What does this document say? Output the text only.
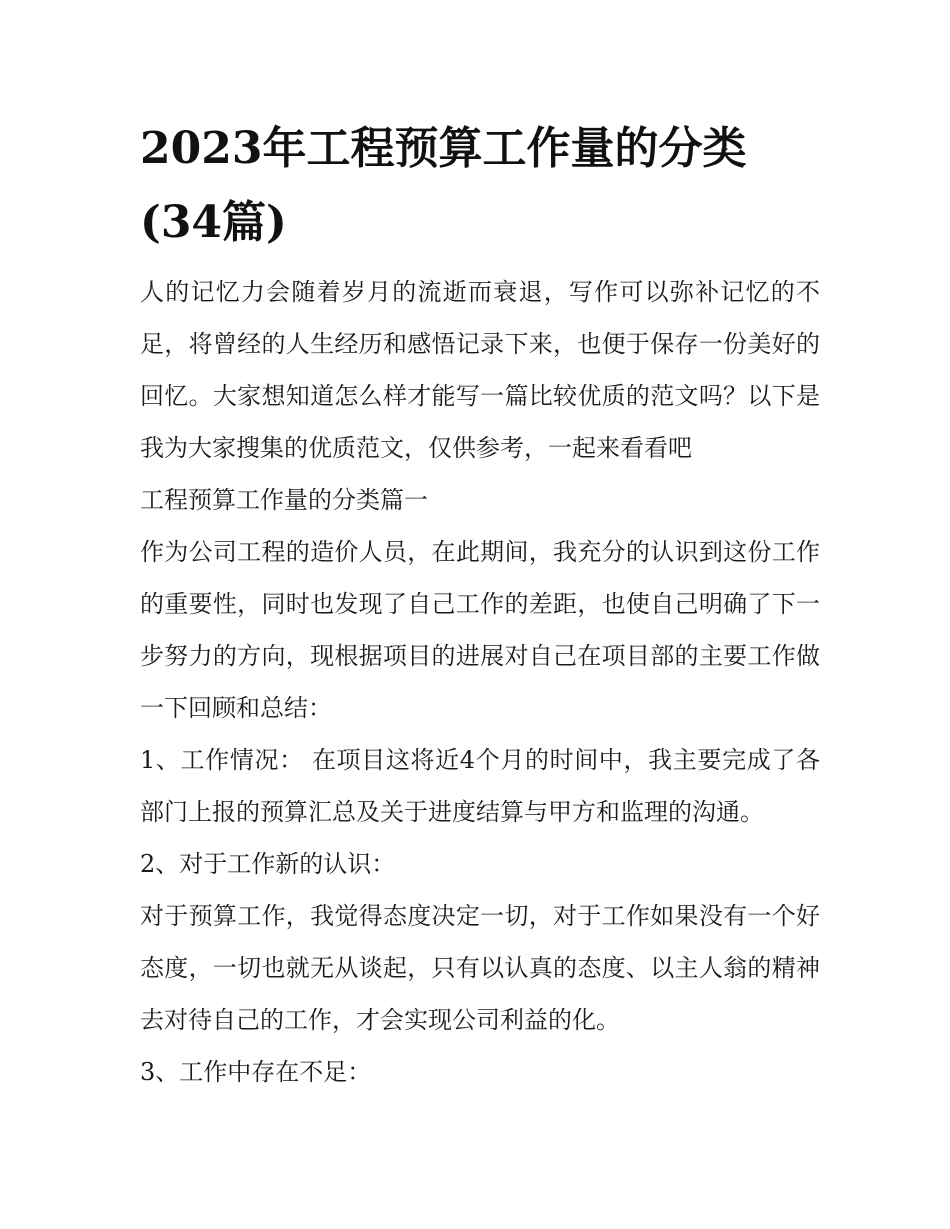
2023年工程预算工作量的分类(34篇)

人的记忆力会随着岁月的流逝而衰退，写作可以弥补记忆的不足，将曾经的人生经历和感悟记录下来，也便于保存一份美好的回忆。大家想知道怎么样才能写一篇比较优质的范文吗？以下是我为大家搜集的优质范文，仅供参考，一起来看看吧

工程预算工作量的分类篇一

作为公司工程的造价人员，在此期间，我充分的认识到这份工作的重要性，同时也发现了自己工作的差距，也使自己明确了下一步努力的方向，现根据项目的进展对自己在项目部的主要工作做一下回顾和总结：

1、工作情况： 在项目这将近4个月的时间中，我主要完成了各部门上报的预算汇总及关于进度结算与甲方和监理的沟通。

2、对于工作新的认识：

对于预算工作，我觉得态度决定一切，对于工作如果没有一个好态度，一切也就无从谈起，只有以认真的态度、以主人翁的精神去对待自己的工作，才会实现公司利益的化。

3、工作中存在不足：
